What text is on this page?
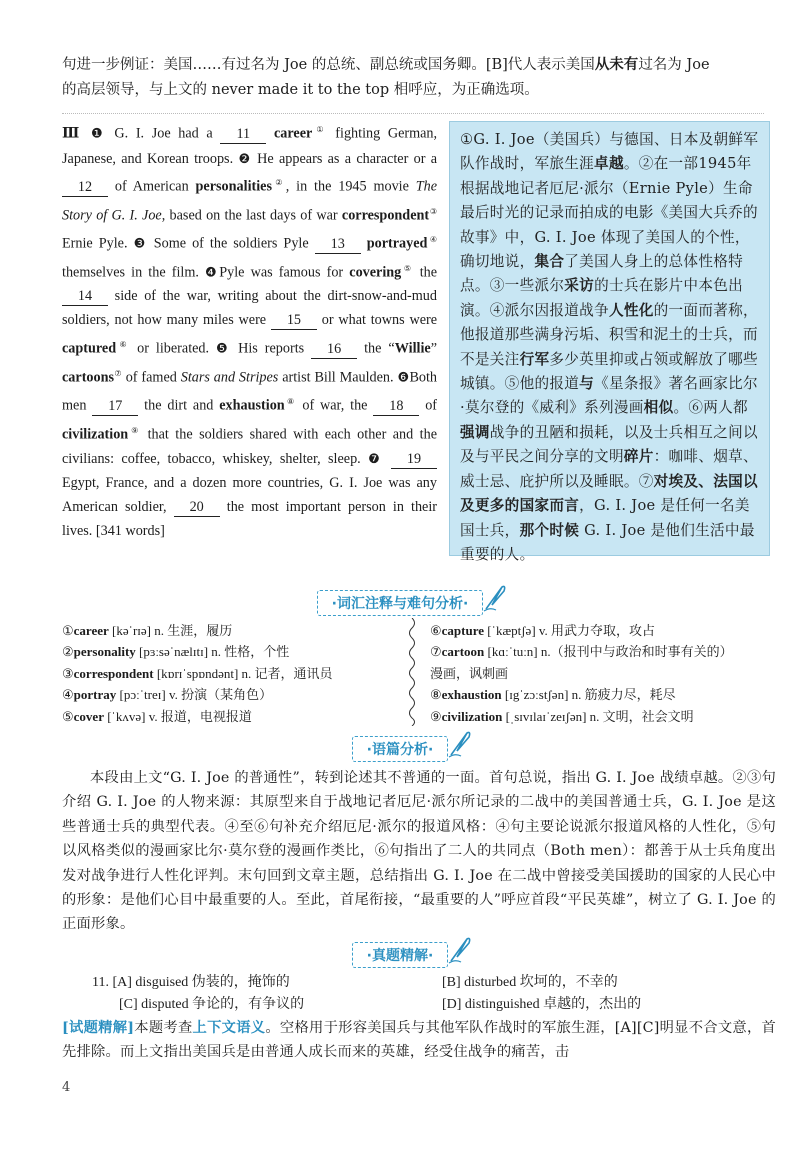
句进一步例证：美国……有过名为 Joe 的总统、副总统或国务卿。[B]代人表示美国从未有过名为 Joe
的高层领导，与上文的 never made it to the top 相呼应，为正确选项。
Ⅲ ❶ G. I. Joe had a 11 career① fighting German, Japanese, and Korean troops. ❷ He appears as a character or a 12 of American personalities②, in the 1945 movie The Story of G. I. Joe, based on the last days of war correspondent③ Ernie Pyle. ❸ Some of the soldiers Pyle 13 portrayed④ themselves in the film. ❹Pyle was famous for covering⑤ the 14 side of the war, writing about the dirt-snow-and-mud soldiers, not how many miles were 15 or what towns were captured⑥ or liberated. ❺ His reports 16 the “Willie” cartoons⑦ of famed Stars and Stripes artist Bill Maulden. ❻Both men 17 the dirt and exhaustion⑧ of war, the 18 of civilization⑨ that the soldiers shared with each other and the civilians: coffee, tobacco, whiskey, shelter, sleep. ❼ 19 Egypt, France, and a dozen more countries, G. I. Joe was any American soldier, 20 the most important person in their lives. [341 words]
①G. I. Joe（美国兵）与德国、日本及朝鲜军队作战时，军旅生涯卓越。②在一部1945年根据战地记者厄尼·派尔（Ernie Pyle）生命最后时光的记录而拍成的电影《美国大兵乔的故事》中，G. I. Joe 体现了美国人的个性，确切地说，集合了美国人身上的总体性格特点。③一些派尔采访的士兵在影片中本色出演。④派尔因报道战争人性化的一面而著称，他报道那些满身污垢、积雪和泥土的士兵，而不是关注行军多少英里抑或占领或解放了哪些城镇。⑤他的报道与《星条报》著名画家比尔·莫尔登的《威利》系列漫画相似。⑥两人都强调战争的丑陋和损耗，以及士兵相互之间以及与平民之间分享的文明碎片：咖啡、烟草、威士忌、庇护所以及睡眠。⑦对埃及、法国以及更多的国家而言，G. I. Joe 是任何一名美国士兵，那个时候 G. I. Joe 是他们生活中最重要的人。
·词汇注释与难句分析·
①career [kəˈrɪə] n. 生涯，履历
②personality [pɜːsəˈnælɪtɪ] n. 性格，个性
③correspondent [kɒrɪˈspɒndənt] n. 记者，通讯员
④portray [pɔːˈtreɪ] v. 扮演（某角色）
⑤cover [ˈkʌvə] v. 报道，电视报道
⑥capture [ˈkæptʃə] v. 用武力夺取，攻占
⑦cartoon [kɑːˈtuːn] n.（报刊中与政治和时事有关的）
漫画，讽刺画
⑧exhaustion [ɪgˈzɔːstʃən] n. 筋疲力尽，耗尽
⑨civilization [ˌsɪvɪlaɪˈzeɪʃən] n. 文明，社会文明
·语篇分析·
本段由上文“G. I. Joe 的普通性”，转到论述其不普通的一面。首句总说，指出 G. I. Joe 战绩卓越。②③句介绍 G. I. Joe 的人物来源：其原型来自于战地记者厄尼·派尔所记录的二战中的美国普通士兵，G. I. Joe 是这些普通士兵的典型代表。④至⑥句补充介绍厄尼·派尔的报道风格：④句主要论说派尔报道风格的人性化，⑤句以风格类似的漫画家比尔·莫尔登的漫画作类比，⑥句指出了二人的共同点（Both men）：都善于从士兵角度出发对战争进行人性化评判。末句回到文章主题，总结指出 G. I. Joe 在二战中曾接受美国援助的国家的人民心中的形象：是他们心目中最重要的人。至此，首尾衔接，“最重要的人”呼应首段“平民英雄”，树立了 G. I. Joe 的正面形象。
·真题精解·
11. [A] disguised 伪装的，掩饰的	[B] disturbed 坎坷的，不幸的
[C] disputed 争论的，有争议的	[D] distinguished 卓越的，杰出的
[试题精解]本题考查上下文语义。空格用于形容美国兵与其他军队作战时的军旅生涯，[A][C]明显不合文意，首先排除。而上文指出美国兵是由普通人成长而来的英雄，经受住战争的痛苦，击
4
